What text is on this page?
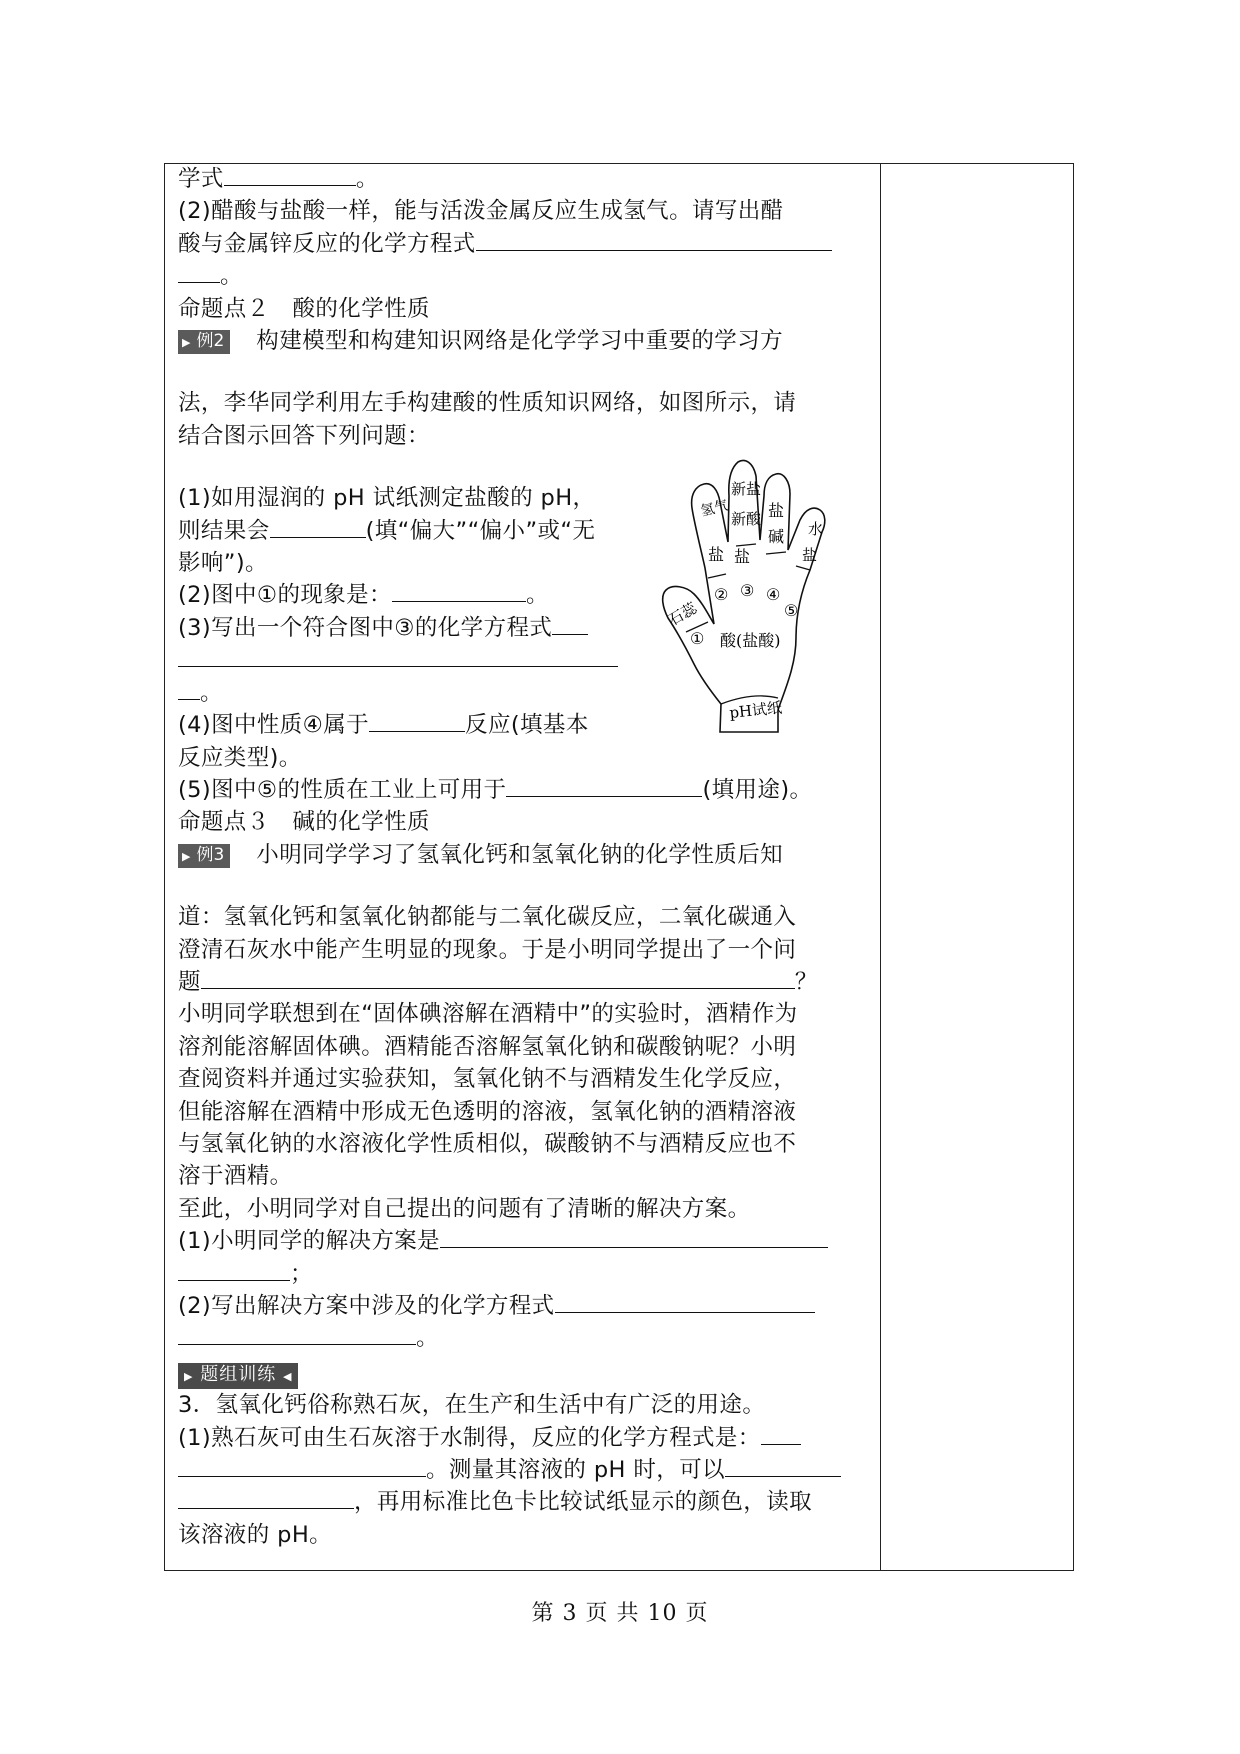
学式	。

(2)醋酸与盐酸一样，能与活泼金属反应生成氢气。请写出醋

酸与金属锌反应的化学方程式

。

命题点２　酸的化学性质

▶ 例2 构建模型和构建知识网络是化学学习中重要的学习方

法，李华同学利用左手构建酸的性质知识网络，如图所示，请

结合图示回答下列问题：

(1)如用湿润的 pH 试纸测定盐酸的 pH，

则结果会	(填“偏大”“偏小”或“无

影响”)。

(2)图中①的现象是：	。

(3)写出一个符合图中③的化学方程式

。

(4)图中性质④属于	反应(填基本

反应类型)。

(5)图中⑤的性质在工业上可用于	(填用途)。

命题点３　碱的化学性质

▶ 例3 小明同学学习了氢氧化钙和氢氧化钠的化学性质后知

道：氢氧化钙和氢氧化钠都能与二氧化碳反应，二氧化碳通入

澄清石灰水中能产生明显的现象。于是小明同学提出了一个问

题	？

小明同学联想到在“固体碘溶解在酒精中”的实验时，酒精作为

溶剂能溶解固体碘。酒精能否溶解氢氧化钠和碳酸钠呢？小明

查阅资料并通过实验获知，氢氧化钠不与酒精发生化学反应，

但能溶解在酒精中形成无色透明的溶液，氢氧化钠的酒精溶液

与氢氧化钠的水溶液化学性质相似，碳酸钠不与酒精反应也不

溶于酒精。

至此，小明同学对自己提出的问题有了清晰的解决方案。

(1)小明同学的解决方案是

；

(2)写出解决方案中涉及的化学方程式

。

▶ 题组训练 ◀

3．氢氧化钙俗称熟石灰，在生产和生活中有广泛的用途。

(1)熟石灰可由生石灰溶于水制得，反应的化学方程式是：

。测量其溶液的 pH 时，可以

，再用标准比色卡比较试纸显示的颜色，读取

该溶液的 pH。

石蕊
氢气
盐
新盐
新酸
盐
盐
碱 水
盐
①
② ③ ④
⑤
酸(盐酸)
pH试纸
第 3 页 共 10 页
